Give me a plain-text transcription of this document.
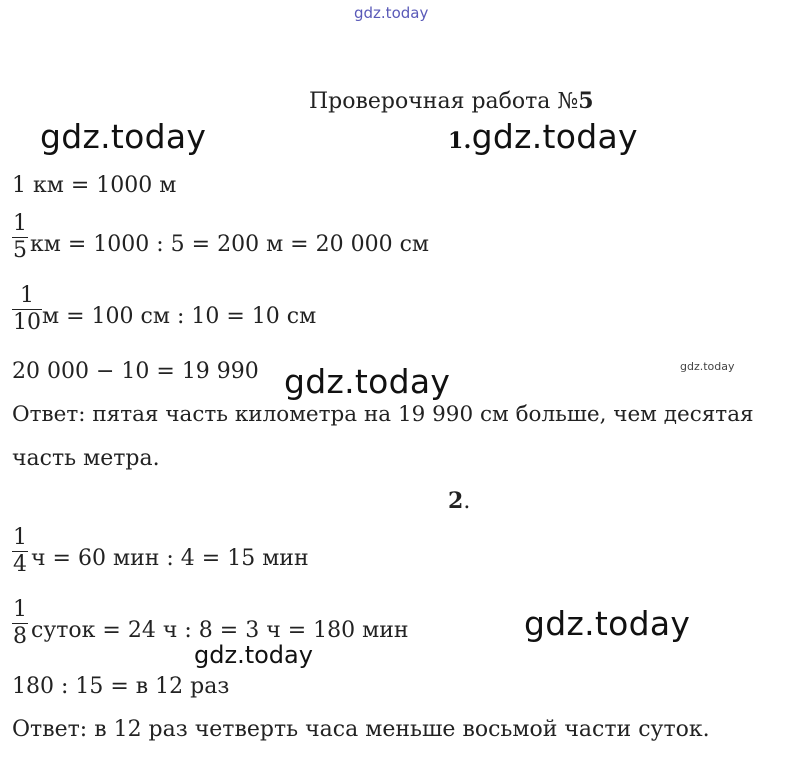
gdz.today
Проверочная работа №5
gdz.today	1.gdz.today
1 км = 1000 м
1
5 км = 1000 : 5 = 200 м = 20 000 см
1
10 м = 100 см : 10 = 10 см
20 000 − 10 = 19 990 gdz.today	gdz.today
Ответ: пятая часть километра на 19 990 см больше, чем десятая
часть метра.
2.
1
4 ч = 60 мин : 4 = 15 мин
1
8 суток = 24 ч : 8 = 3 ч = 180 мин	gdz.today
gdz.today
180 : 15 = в 12 раз
Ответ: в 12 раз четверть часа меньше восьмой части суток.
